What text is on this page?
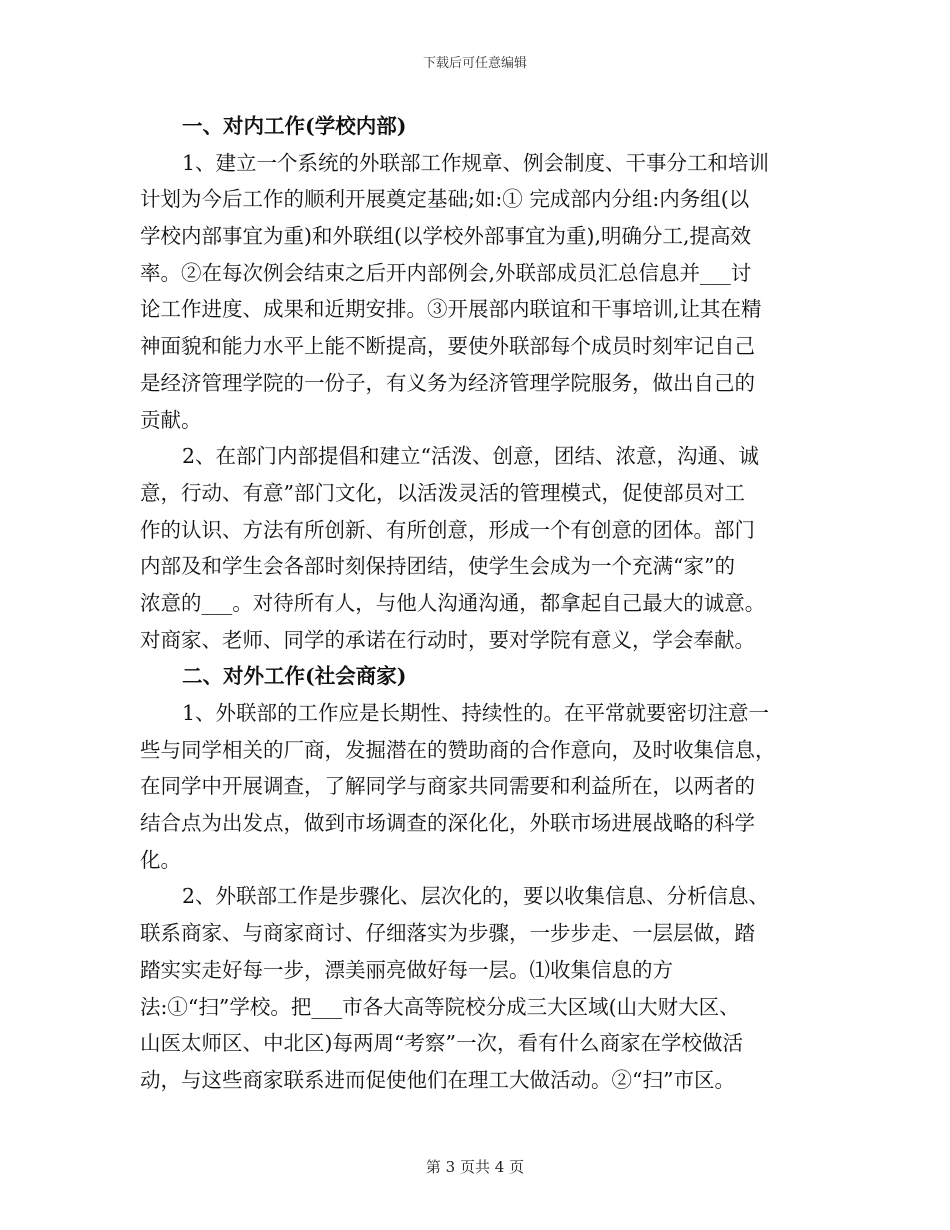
下载后可任意编辑
一、对内工作(学校内部)
1、建立一个系统的外联部工作规章、例会制度、干事分工和培训
计划为今后工作的顺利开展奠定基础;如:① 完成部内分组:内务组(以
学校内部事宜为重)和外联组(以学校外部事宜为重),明确分工,提高效
率。②在每次例会结束之后开内部例会,外联部成员汇总信息并___讨
论工作进度、成果和近期安排。③开展部内联谊和干事培训,让其在精
神面貌和能力水平上能不断提高，要使外联部每个成员时刻牢记自己
是经济管理学院的一份子，有义务为经济管理学院服务，做出自己的
贡献。
2、在部门内部提倡和建立“活泼、创意，团结、浓意，沟通、诚
意，行动、有意”部门文化，以活泼灵活的管理模式，促使部员对工
作的认识、方法有所创新、有所创意，形成一个有创意的团体。部门
内部及和学生会各部时刻保持团结，使学生会成为一个充满“家”的
浓意的___。对待所有人，与他人沟通沟通，都拿起自己最大的诚意。
对商家、老师、同学的承诺在行动时，要对学院有意义，学会奉献。
二、对外工作(社会商家)
1、外联部的工作应是长期性、持续性的。在平常就要密切注意一
些与同学相关的厂商，发掘潜在的赞助商的合作意向，及时收集信息，
在同学中开展调查，了解同学与商家共同需要和利益所在，以两者的
结合点为出发点，做到市场调查的深化化，外联市场进展战略的科学
化。
2、外联部工作是步骤化、层次化的，要以收集信息、分析信息、
联系商家、与商家商讨、仔细落实为步骤，一步步走、一层层做，踏
踏实实走好每一步，漂美丽亮做好每一层。⑴收集信息的方
法:①“扫”学校。把___市各大高等院校分成三大区域(山大财大区、
山医太师区、中北区)每两周“考察”一次，看有什么商家在学校做活
动，与这些商家联系进而促使他们在理工大做活动。②“扫”市区。
第 3 页共 4 页
